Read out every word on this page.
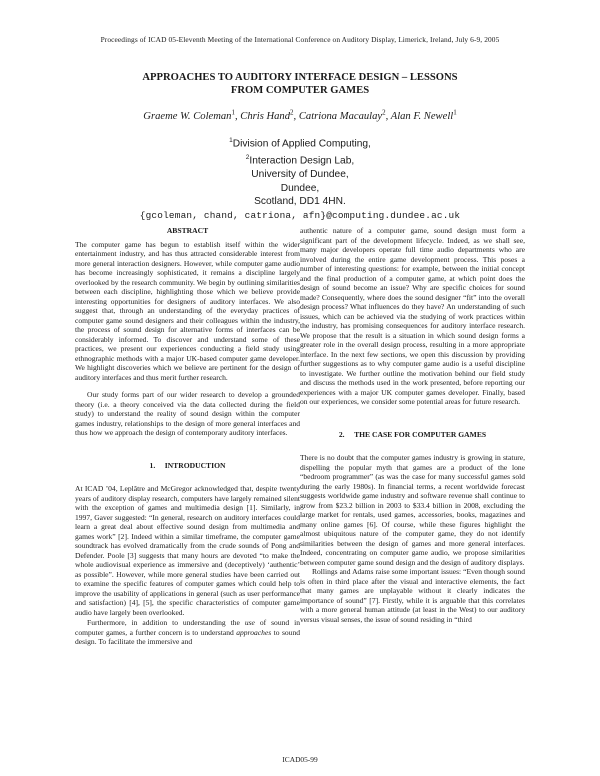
Proceedings of ICAD 05-Eleventh Meeting of the International Conference on Auditory Display, Limerick, Ireland, July 6-9, 2005
APPROACHES TO AUDITORY INTERFACE DESIGN – LESSONS
FROM COMPUTER GAMES
Graeme W. Coleman$^1$, Chris Hand$^2$, Catriona Macaulay$^2$, Alan F. Newell$^1$
$^1$Division of Applied Computing,
$^2$Interaction Design Lab,
University of Dundee,
Dundee,
Scotland, DD1 4HN.
{gcoleman, chand, catriona, afn}@computing.dundee.ac.uk

ABSTRACT

The computer game has begun to establish itself within the wider entertainment industry, and has thus attracted considerable interest from more general interaction designers. However, while computer game audio has become increasingly sophisticated, it remains a discipline largely overlooked by the research community. We begin by outlining similarities between each discipline, highlighting those which we believe provide interesting opportunities for designers of auditory interfaces. We also suggest that, through an understanding of the everyday practices of computer game sound designers and their colleagues within the industry, the process of sound design for alternative forms of interfaces can be considerably informed. To discover and understand some of these practices, we present our experiences conducting a field study using ethnographic methods with a major UK-based computer game developer. We highlight discoveries which we believe are pertinent for the design of auditory interfaces and thus merit further research.

Our study forms part of our wider research to develop a grounded theory (i.e. a theory conceived via the data collected during the field study) to understand the reality of sound design within the computer games industry, relationships to the design of more general interfaces and thus how we approach the design of contemporary auditory interfaces.

1.     INTRODUCTION

At ICAD ’04, Leplâtre and McGregor acknowledged that, despite twenty years of auditory display research, computers have largely remained silent with the exception of games and multimedia design [1]. Similarly, in 1997, Gaver suggested: “In general, research on auditory interfaces could learn a great deal about effective sound design from multimedia and games work” [2]. Indeed within a similar timeframe, the computer game soundtrack has evolved dramatically from the crude sounds of Pong and Defender. Poole [3] suggests that many hours are devoted “to make the whole audiovisual experience as immersive and (deceptively) ‘authentic’ as possible”. However, while more general studies have been carried out to examine the specific features of computer games which could help to improve the usability of applications in general (such as user performance and satisfaction) [4], [5], the specific characteristics of computer game audio have largely been overlooked.

Furthermore, in addition to understanding the use of sound in computer games, a further concern is to understand approaches to sound design. To facilitate the immersive and

authentic nature of a computer game, sound design must form a significant part of the development lifecycle. Indeed, as we shall see, many major developers operate full time audio departments who are involved during the entire game development process. This poses a number of interesting questions: for example, between the initial concept and the final production of a computer game, at which point does the design of sound become an issue? Why are specific choices for sound made? Consequently, where does the sound designer “fit” into the overall design process? What influences do they have? An understanding of such issues, which can be achieved via the studying of work practices within the industry, has promising consequences for auditory interface research. We propose that the result is a situation in which sound design forms a greater role in the overall design process, resulting in a more appropriate interface. In the next few sections, we open this discussion by providing further suggestions as to why computer game audio is a useful discipline to investigate. We further outline the motivation behind our field study and discuss the methods used in the work presented, before reporting our experiences with a major UK computer games developer. Finally, based on our experiences, we consider some potential areas for future research.

2.     THE CASE FOR COMPUTER GAMES

There is no doubt that the computer games industry is growing in stature, dispelling the popular myth that games are a product of the lone “bedroom programmer” (as was the case for many successful games sold during the early 1980s). In financial terms, a recent worldwide forecast suggests worldwide game industry and software revenue shall continue to grow from $23.2 billion in 2003 to $33.4 billion in 2008, excluding the large market for rentals, used games, accessories, books, magazines and many online games [6]. Of course, while these figures highlight the almost ubiquitous nature of the computer game, they do not identify similarities between the design of games and more general interfaces. Indeed, concentrating on computer game audio, we propose similarities between computer game sound design and the design of auditory displays.

Rollings and Adams raise some important issues: “Even though sound is often in third place after the visual and interactive elements, the fact that many games are unplayable without it clearly indicates the importance of sound” [7]. Firstly, while it is arguable that this correlates with a more general human attitude (at least in the West) to our auditory versus visual senses, the issue of sound residing in “third

ICAD05-99
